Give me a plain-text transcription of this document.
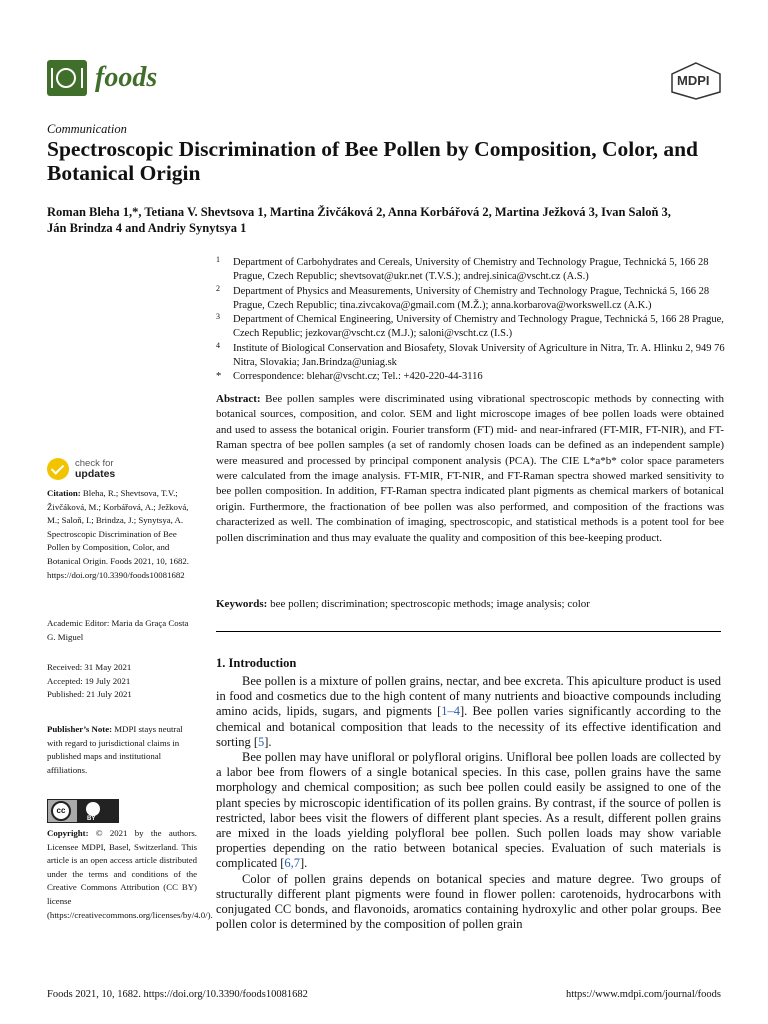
foods	MDPI
Communication
Spectroscopic Discrimination of Bee Pollen by Composition, Color, and Botanical Origin
Roman Bleha 1,*, Tetiana V. Shevtsova 1, Martina Živčáková 2, Anna Korbářová 2, Martina Ježková 3, Ivan Saloň 3,
Ján Brindza 4 and Andriy Synytsya 1
1 Department of Carbohydrates and Cereals, University of Chemistry and Technology Prague, Technická 5, 166 28 Prague, Czech Republic; shevtsovat@ukr.net (T.V.S.); andrej.sinica@vscht.cz (A.S.)
2 Department of Physics and Measurements, University of Chemistry and Technology Prague, Technická 5, 166 28 Prague, Czech Republic; tina.zivcakova@gmail.com (M.Ž.); anna.korbarova@workswell.cz (A.K.)
3 Department of Chemical Engineering, University of Chemistry and Technology Prague, Technická 5, 166 28 Prague, Czech Republic; jezkovar@vscht.cz (M.J.); saloni@vscht.cz (I.S.)
4 Institute of Biological Conservation and Biosafety, Slovak University of Agriculture in Nitra, Tr. A. Hlinku 2, 949 76 Nitra, Slovakia; Jan.Brindza@uniag.sk
* Correspondence: blehar@vscht.cz; Tel.: +420-220-44-3116
Abstract: Bee pollen samples were discriminated using vibrational spectroscopic methods by connecting with botanical sources, composition, and color. SEM and light microscope images of bee pollen loads were obtained and used to assess the botanical origin. Fourier transform (FT) mid- and near-infrared (FT-MIR, FT-NIR), and FT-Raman spectra of bee pollen samples (a set of randomly chosen loads can be defined as an independent sample) were measured and processed by principal component analysis (PCA). The CIE L*a*b* color space parameters were calculated from the image analysis. FT-MIR, FT-NIR, and FT-Raman spectra showed marked sensitivity to bee pollen composition. In addition, FT-Raman spectra indicated plant pigments as chemical markers of botanical origin. Furthermore, the fractionation of bee pollen was also performed, and composition of the fractions was characterized as well. The combination of imaging, spectroscopic, and statistical methods is a potent tool for bee pollen discrimination and thus may evaluate the quality and composition of this bee-keeping product.
Keywords: bee pollen; discrimination; spectroscopic methods; image analysis; color
1. Introduction

Bee pollen is a mixture of pollen grains, nectar, and bee excreta. This apiculture product is used in food and cosmetics due to the high content of many nutrients and bioactive compounds including amino acids, lipids, sugars, and pigments [1–4]. Bee pollen varies significantly according to the chemical and botanical composition that leads to the necessity of its effective identification and sorting [5].

Bee pollen may have unifloral or polyfloral origins. Unifloral bee pollen loads are collected by a labor bee from flowers of a single botanical species. In this case, pollen grains have the same morphology and chemical composition; as such bee pollen could easily be assigned to one of the plant species by microscopic identification of its pollen grains. By contrast, if the source of pollen is restricted, labor bees visit the flowers of different plant species. As a result, different pollen grains are mixed in the loads yielding polyfloral bee pollen. Such pollen loads may show variable properties depending on the ratio between botanical species. Evaluation of such materials is complicated [6,7].

Color of pollen grains depends on botanical species and mature degree. Two groups of structurally different plant pigments were found in flower pollen: carotenoids, hydrocarbons with conjugated CC bonds, and flavonoids, aromatics containing hydroxylic and other polar groups. Bee pollen color is determined by the composition of pollen grain

check for
updates
Citation: Bleha, R.; Shevtsova, T.V.; Živčáková, M.; Korbářová, A.; Ježková, M.; Saloň, I.; Brindza, J.; Synytsya, A. Spectroscopic Discrimination of Bee Pollen by Composition, Color, and Botanical Origin. Foods 2021, 10, 1682. https://doi.org/10.3390/foods10081682
Academic Editor: Maria da Graça Costa G. Miguel
Received: 31 May 2021
Accepted: 19 July 2021
Published: 21 July 2021
Publisher’s Note: MDPI stays neutral with regard to jurisdictional claims in published maps and institutional affiliations.
cc
BY
Copyright: © 2021 by the authors. Licensee MDPI, Basel, Switzerland. This article is an open access article distributed under the terms and conditions of the Creative Commons Attribution (CC BY) license (https://creativecommons.org/licenses/by/4.0/).
Foods 2021, 10, 1682. https://doi.org/10.3390/foods10081682	https://www.mdpi.com/journal/foods
